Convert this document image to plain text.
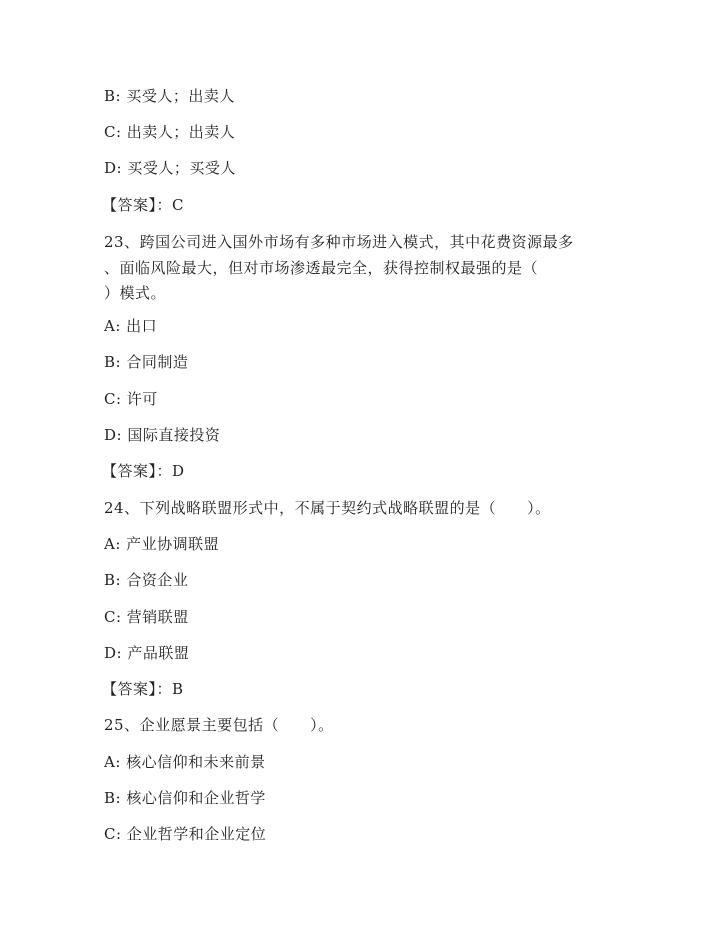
B: 买受人；出卖人
C: 出卖人；出卖人
D: 买受人；买受人
【答案】：C
23、跨国公司进入国外市场有多种市场进入模式，其中花费资源最多
、面临风险最大，但对市场渗透最完全，获得控制权最强的是（
）模式。
A: 出口
B: 合同制造
C: 许可
D: 国际直接投资
【答案】：D
24、下列战略联盟形式中，不属于契约式战略联盟的是（　　）。
A: 产业协调联盟
B: 合资企业
C: 营销联盟
D: 产品联盟
【答案】：B
25、企业愿景主要包括（　　）。
A: 核心信仰和未来前景
B: 核心信仰和企业哲学
C: 企业哲学和企业定位
